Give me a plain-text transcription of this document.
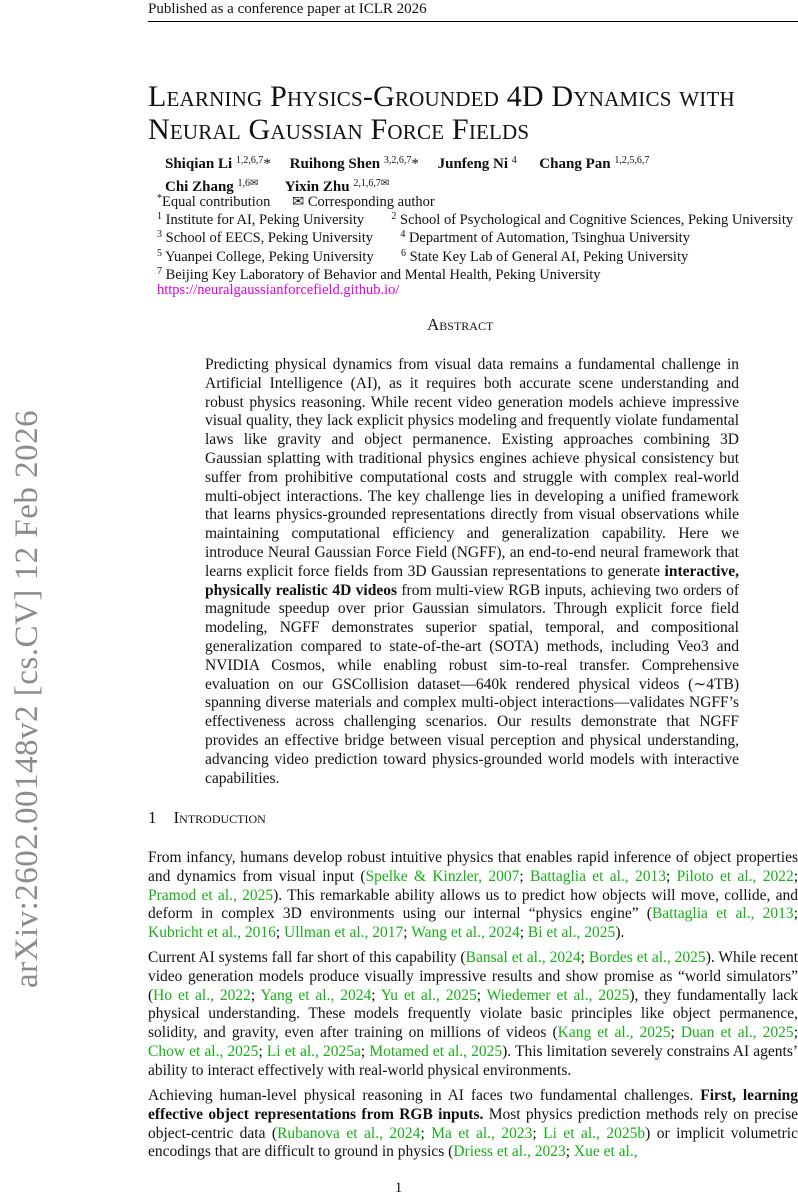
Published as a conference paper at ICLR 2026
arXiv:2602.00148v2 [cs.CV] 12 Feb 2026
Learning Physics-Grounded 4D Dynamics with
Neural Gaussian Force Fields
Shiqian Li $^{1,2,6,7}$* Ruihong Shen $^{3,2,6,7}$* Junfeng Ni $^4$ Chang Pan $^{1,2,5,6,7}$
Chi Zhang $^{1,6✉}$ Yixin Zhu $^{2,1,6,7✉}$
*Equal contribution ✉ Corresponding author
$^1$ Institute for AI, Peking University	$^2$ School of Psychological and Cognitive Sciences, Peking University
$^3$ School of EECS, Peking University	$^4$ Department of Automation, Tsinghua University
$^5$ Yuanpei College, Peking University	$^6$ State Key Lab of General AI, Peking University
$^7$ Beijing Key Laboratory of Behavior and Mental Health, Peking University
https://neuralgaussianforcefield.github.io/
Abstract
Predicting physical dynamics from visual data remains a fundamental challenge in Artificial Intelligence (AI), as it requires both accurate scene understanding and robust physics reasoning. While recent video generation models achieve impressive visual quality, they lack explicit physics modeling and frequently violate fundamental laws like gravity and object permanence. Existing approaches combining 3D Gaussian splatting with traditional physics engines achieve physical consistency but suffer from prohibitive computational costs and struggle with complex real-world multi-object interactions. The key challenge lies in developing a unified framework that learns physics-grounded representations directly from visual observations while maintaining computational efficiency and generalization capability. Here we introduce Neural Gaussian Force Field (NGFF), an end-to-end neural framework that learns explicit force fields from 3D Gaussian representations to generate interactive, physically realistic 4D videos from multi-view RGB inputs, achieving two orders of magnitude speedup over prior Gaussian simulators. Through explicit force field modeling, NGFF demonstrates superior spatial, temporal, and compositional generalization compared to state-of-the-art (SOTA) methods, including Veo3 and NVIDIA Cosmos, while enabling robust sim-to-real transfer. Comprehensive evaluation on our GSCollision dataset—640k rendered physical videos (∼4TB) spanning diverse materials and complex multi-object interactions—validates NGFF’s effectiveness across challenging scenarios. Our results demonstrate that NGFF provides an effective bridge between visual perception and physical understanding, advancing video prediction toward physics-grounded world models with interactive capabilities.
1 Introduction
From infancy, humans develop robust intuitive physics that enables rapid inference of object properties and dynamics from visual input (Spelke & Kinzler, 2007; Battaglia et al., 2013; Piloto et al., 2022; Pramod et al., 2025). This remarkable ability allows us to predict how objects will move, collide, and deform in complex 3D environments using our internal “physics engine” (Battaglia et al., 2013; Kubricht et al., 2016; Ullman et al., 2017; Wang et al., 2024; Bi et al., 2025).
Current AI systems fall far short of this capability (Bansal et al., 2024; Bordes et al., 2025). While recent video generation models produce visually impressive results and show promise as “world simulators” (Ho et al., 2022; Yang et al., 2024; Yu et al., 2025; Wiedemer et al., 2025), they fundamentally lack physical understanding. These models frequently violate basic principles like object permanence, solidity, and gravity, even after training on millions of videos (Kang et al., 2025; Duan et al., 2025; Chow et al., 2025; Li et al., 2025a; Motamed et al., 2025). This limitation severely constrains AI agents’ ability to interact effectively with real-world physical environments.
Achieving human-level physical reasoning in AI faces two fundamental challenges. First, learning effective object representations from RGB inputs. Most physics prediction methods rely on precise object-centric data (Rubanova et al., 2024; Ma et al., 2023; Li et al., 2025b) or implicit volumetric encodings that are difficult to ground in physics (Driess et al., 2023; Xue et al.,
1
